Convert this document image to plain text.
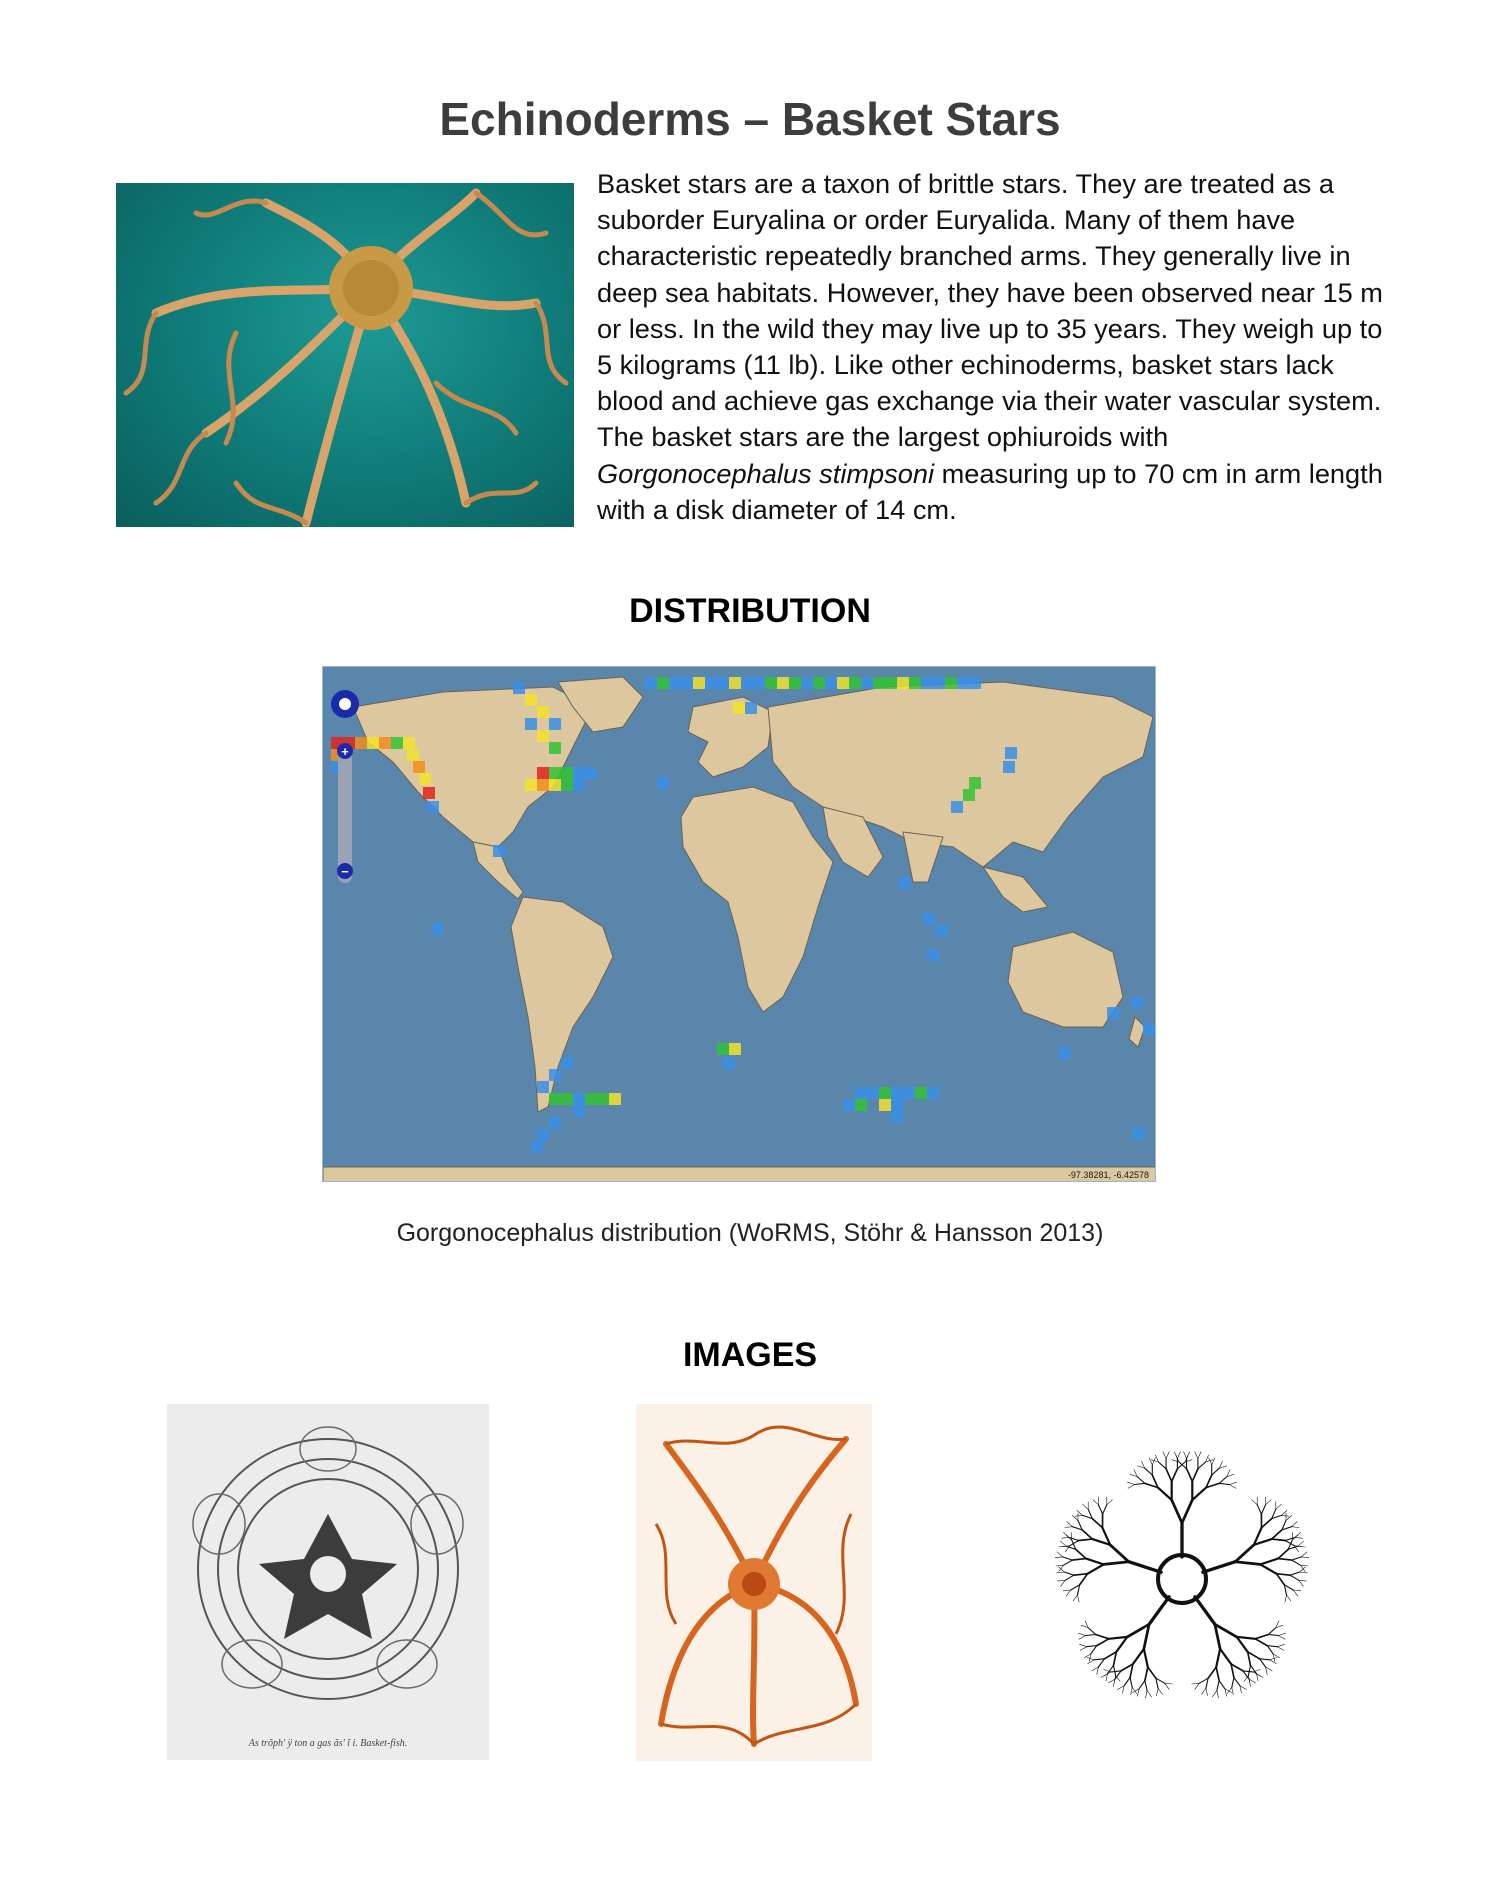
Echinoderms – Basket Stars

Basket stars are a taxon of brittle stars. They are treated as a suborder Euryalina or order Euryalida. Many of them have characteristic repeatedly branched arms. They generally live in deep sea habitats. However, they have been observed near 15 m or less. In the wild they may live up to 35 years. They weigh up to 5 kilograms (11 lb). Like other echinoderms, basket stars lack blood and achieve gas exchange via their water vascular system. The basket stars are the largest ophiuroids with Gorgonocephalus stimpsoni measuring up to 70 cm in arm length with a disk diameter of 14 cm.

DISTRIBUTION
+
−
-97.38281, -6.42578

Gorgonocephalus distribution (WoRMS, Stöhr & Hansson 2013)

IMAGES
As trŏph' ÿ ton a gas ăs' ĭ i. Basket-fish.
